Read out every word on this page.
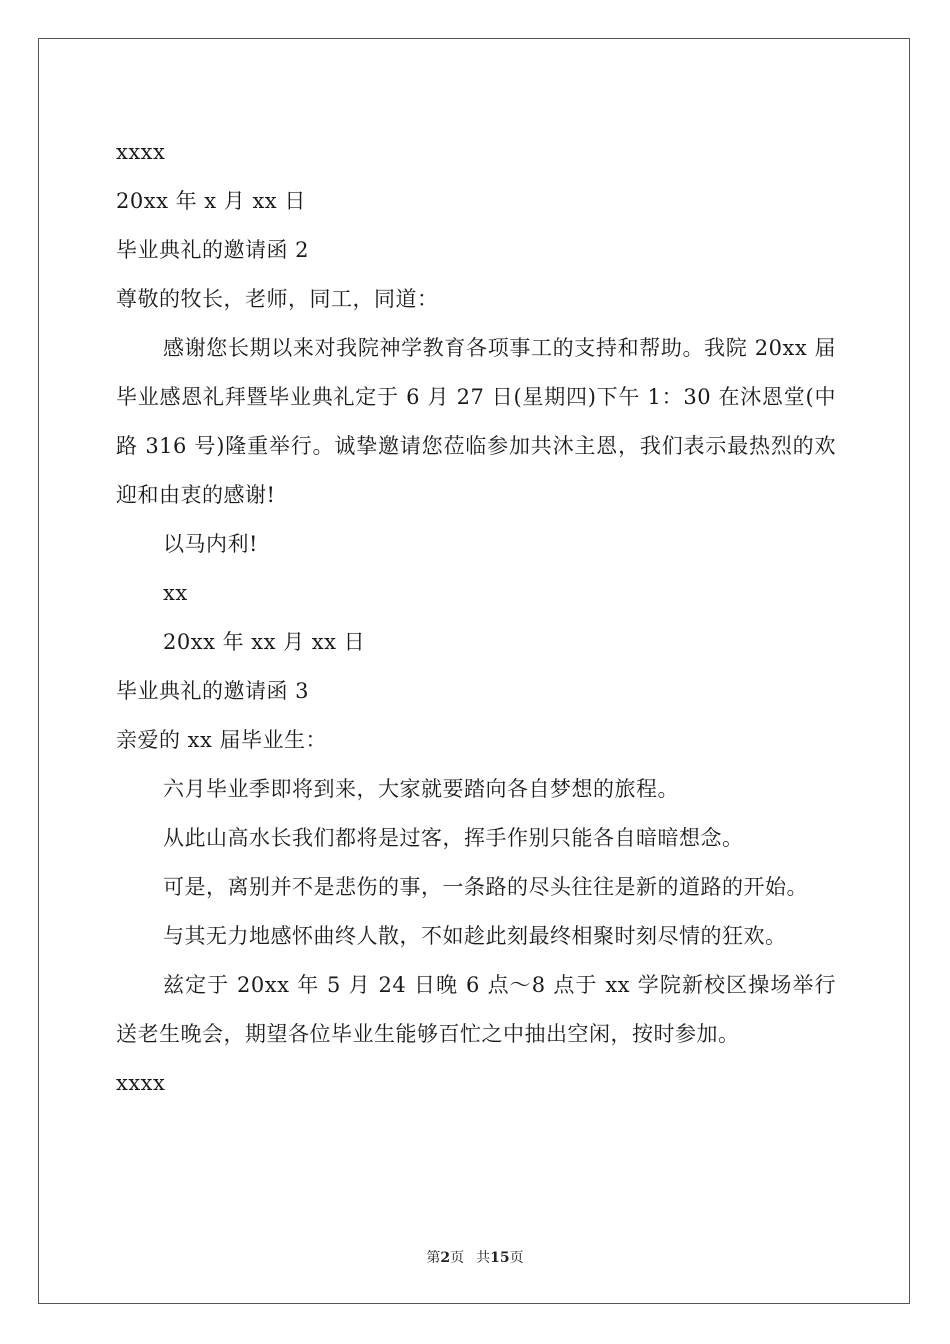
xxxx

20xx 年 x 月 xx 日

毕业典礼的邀请函 2

尊敬的牧长，老师，同工，同道：

感谢您长期以来对我院神学教育各项事工的支持和帮助。我院 20xx 届毕业感恩礼拜暨毕业典礼定于 6 月 27 日(星期四)下午 1：30 在沐恩堂(中路 316 号)隆重举行。诚挚邀请您莅临参加共沐主恩，我们表示最热烈的欢迎和由衷的感谢!

以马内利!

xx

20xx 年 xx 月 xx 日

毕业典礼的邀请函 3

亲爱的 xx 届毕业生：

六月毕业季即将到来，大家就要踏向各自梦想的旅程。

从此山高水长我们都将是过客，挥手作别只能各自暗暗想念。

可是，离别并不是悲伤的事，一条路的尽头往往是新的道路的开始。

与其无力地感怀曲终人散，不如趁此刻最终相聚时刻尽情的狂欢。

兹定于 20xx 年 5 月 24 日晚 6 点～8 点于 xx 学院新校区操场举行送老生晚会，期望各位毕业生能够百忙之中抽出空闲，按时参加。

xxxx

第2页 共15页
